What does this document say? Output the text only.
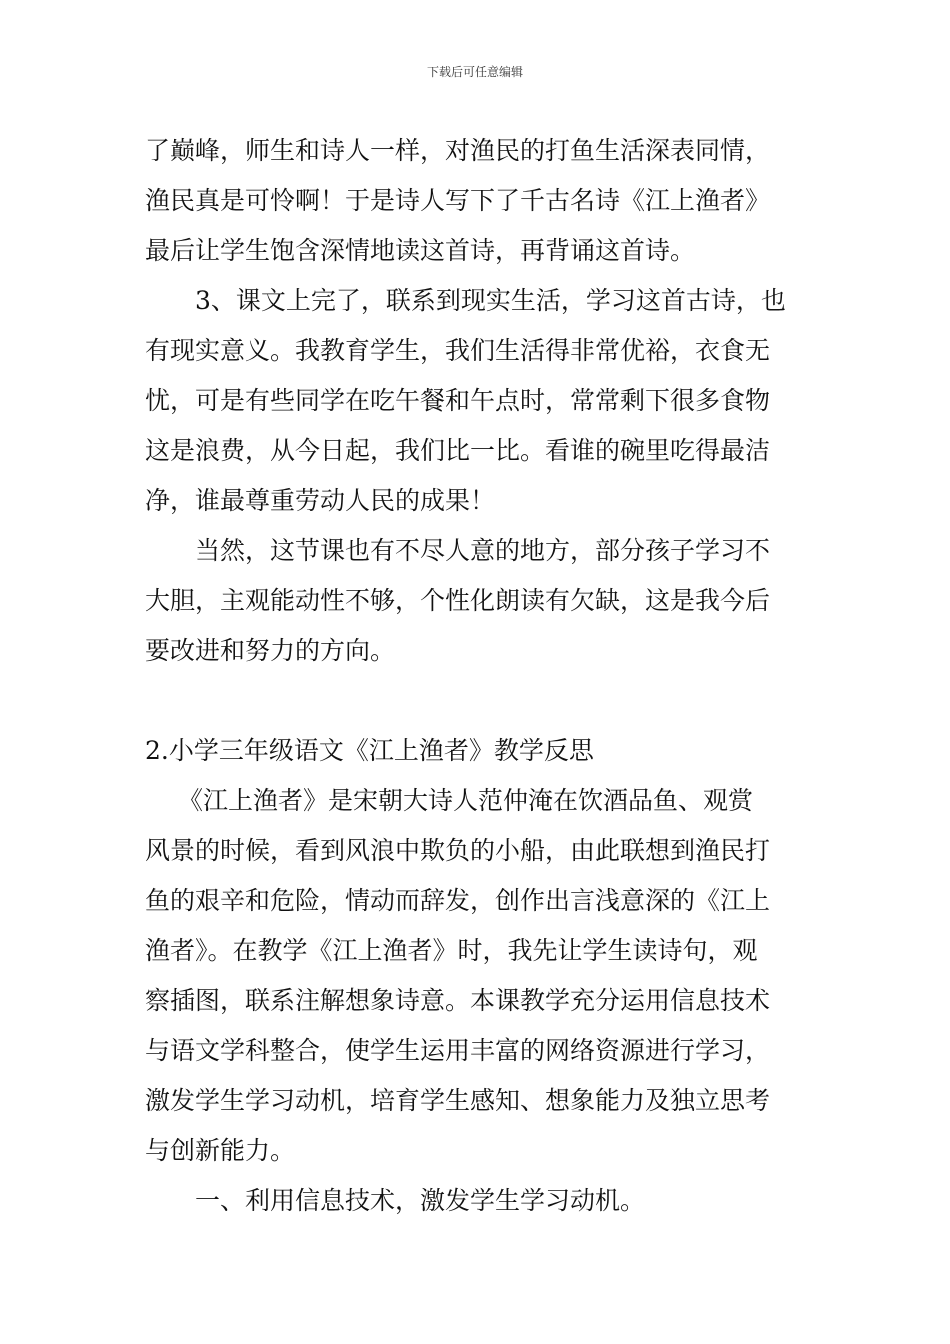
下载后可任意编辑
了巅峰，师生和诗人一样，对渔民的打鱼生活深表同情，
渔民真是可怜啊！于是诗人写下了千古名诗《江上渔者》
最后让学生饱含深情地读这首诗，再背诵这首诗。
3、课文上完了，联系到现实生活，学习这首古诗，也
有现实意义。我教育学生，我们生活得非常优裕，衣食无
忧，可是有些同学在吃午餐和午点时，常常剩下很多食物
这是浪费，从今日起，我们比一比。看谁的碗里吃得最洁
净，谁最尊重劳动人民的成果！
当然，这节课也有不尽人意的地方，部分孩子学习不
大胆，主观能动性不够，个性化朗读有欠缺，这是我今后
要改进和努力的方向。
2.小学三年级语文《江上渔者》教学反思
《江上渔者》是宋朝大诗人范仲淹在饮酒品鱼、观赏
风景的时候，看到风浪中欺负的小船，由此联想到渔民打
鱼的艰辛和危险，情动而辞发，创作出言浅意深的《江上
渔者》。在教学《江上渔者》时，我先让学生读诗句，观
察插图，联系注解想象诗意。本课教学充分运用信息技术
与语文学科整合，使学生运用丰富的网络资源进行学习，
激发学生学习动机，培育学生感知、想象能力及独立思考
与创新能力。
一、利用信息技术，激发学生学习动机。
